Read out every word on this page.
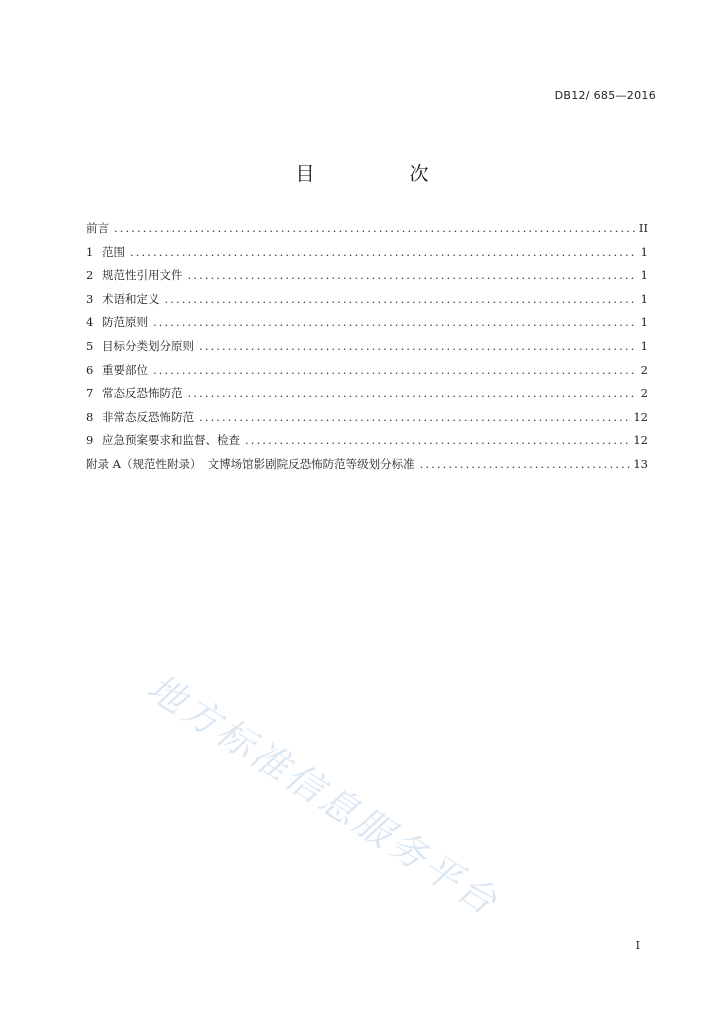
DB12/ 685—2016
目　次
前言 .....	II
1 范围 .....	1
2 规范性引用文件 .....	1
3 术语和定义 .....	1
4 防范原则 .....	1
5 目标分类划分原则 .....	1
6 重要部位 .....	2
7 常态反恐怖防范 .....	2
8 非常态反恐怖防范 .....	12
9 应急预案要求和监督、检查 .....	12
附录 A（规范性附录） 文博场馆影剧院反恐怖防范等级划分标准 .....	13
地方标准信息服务平台
I
